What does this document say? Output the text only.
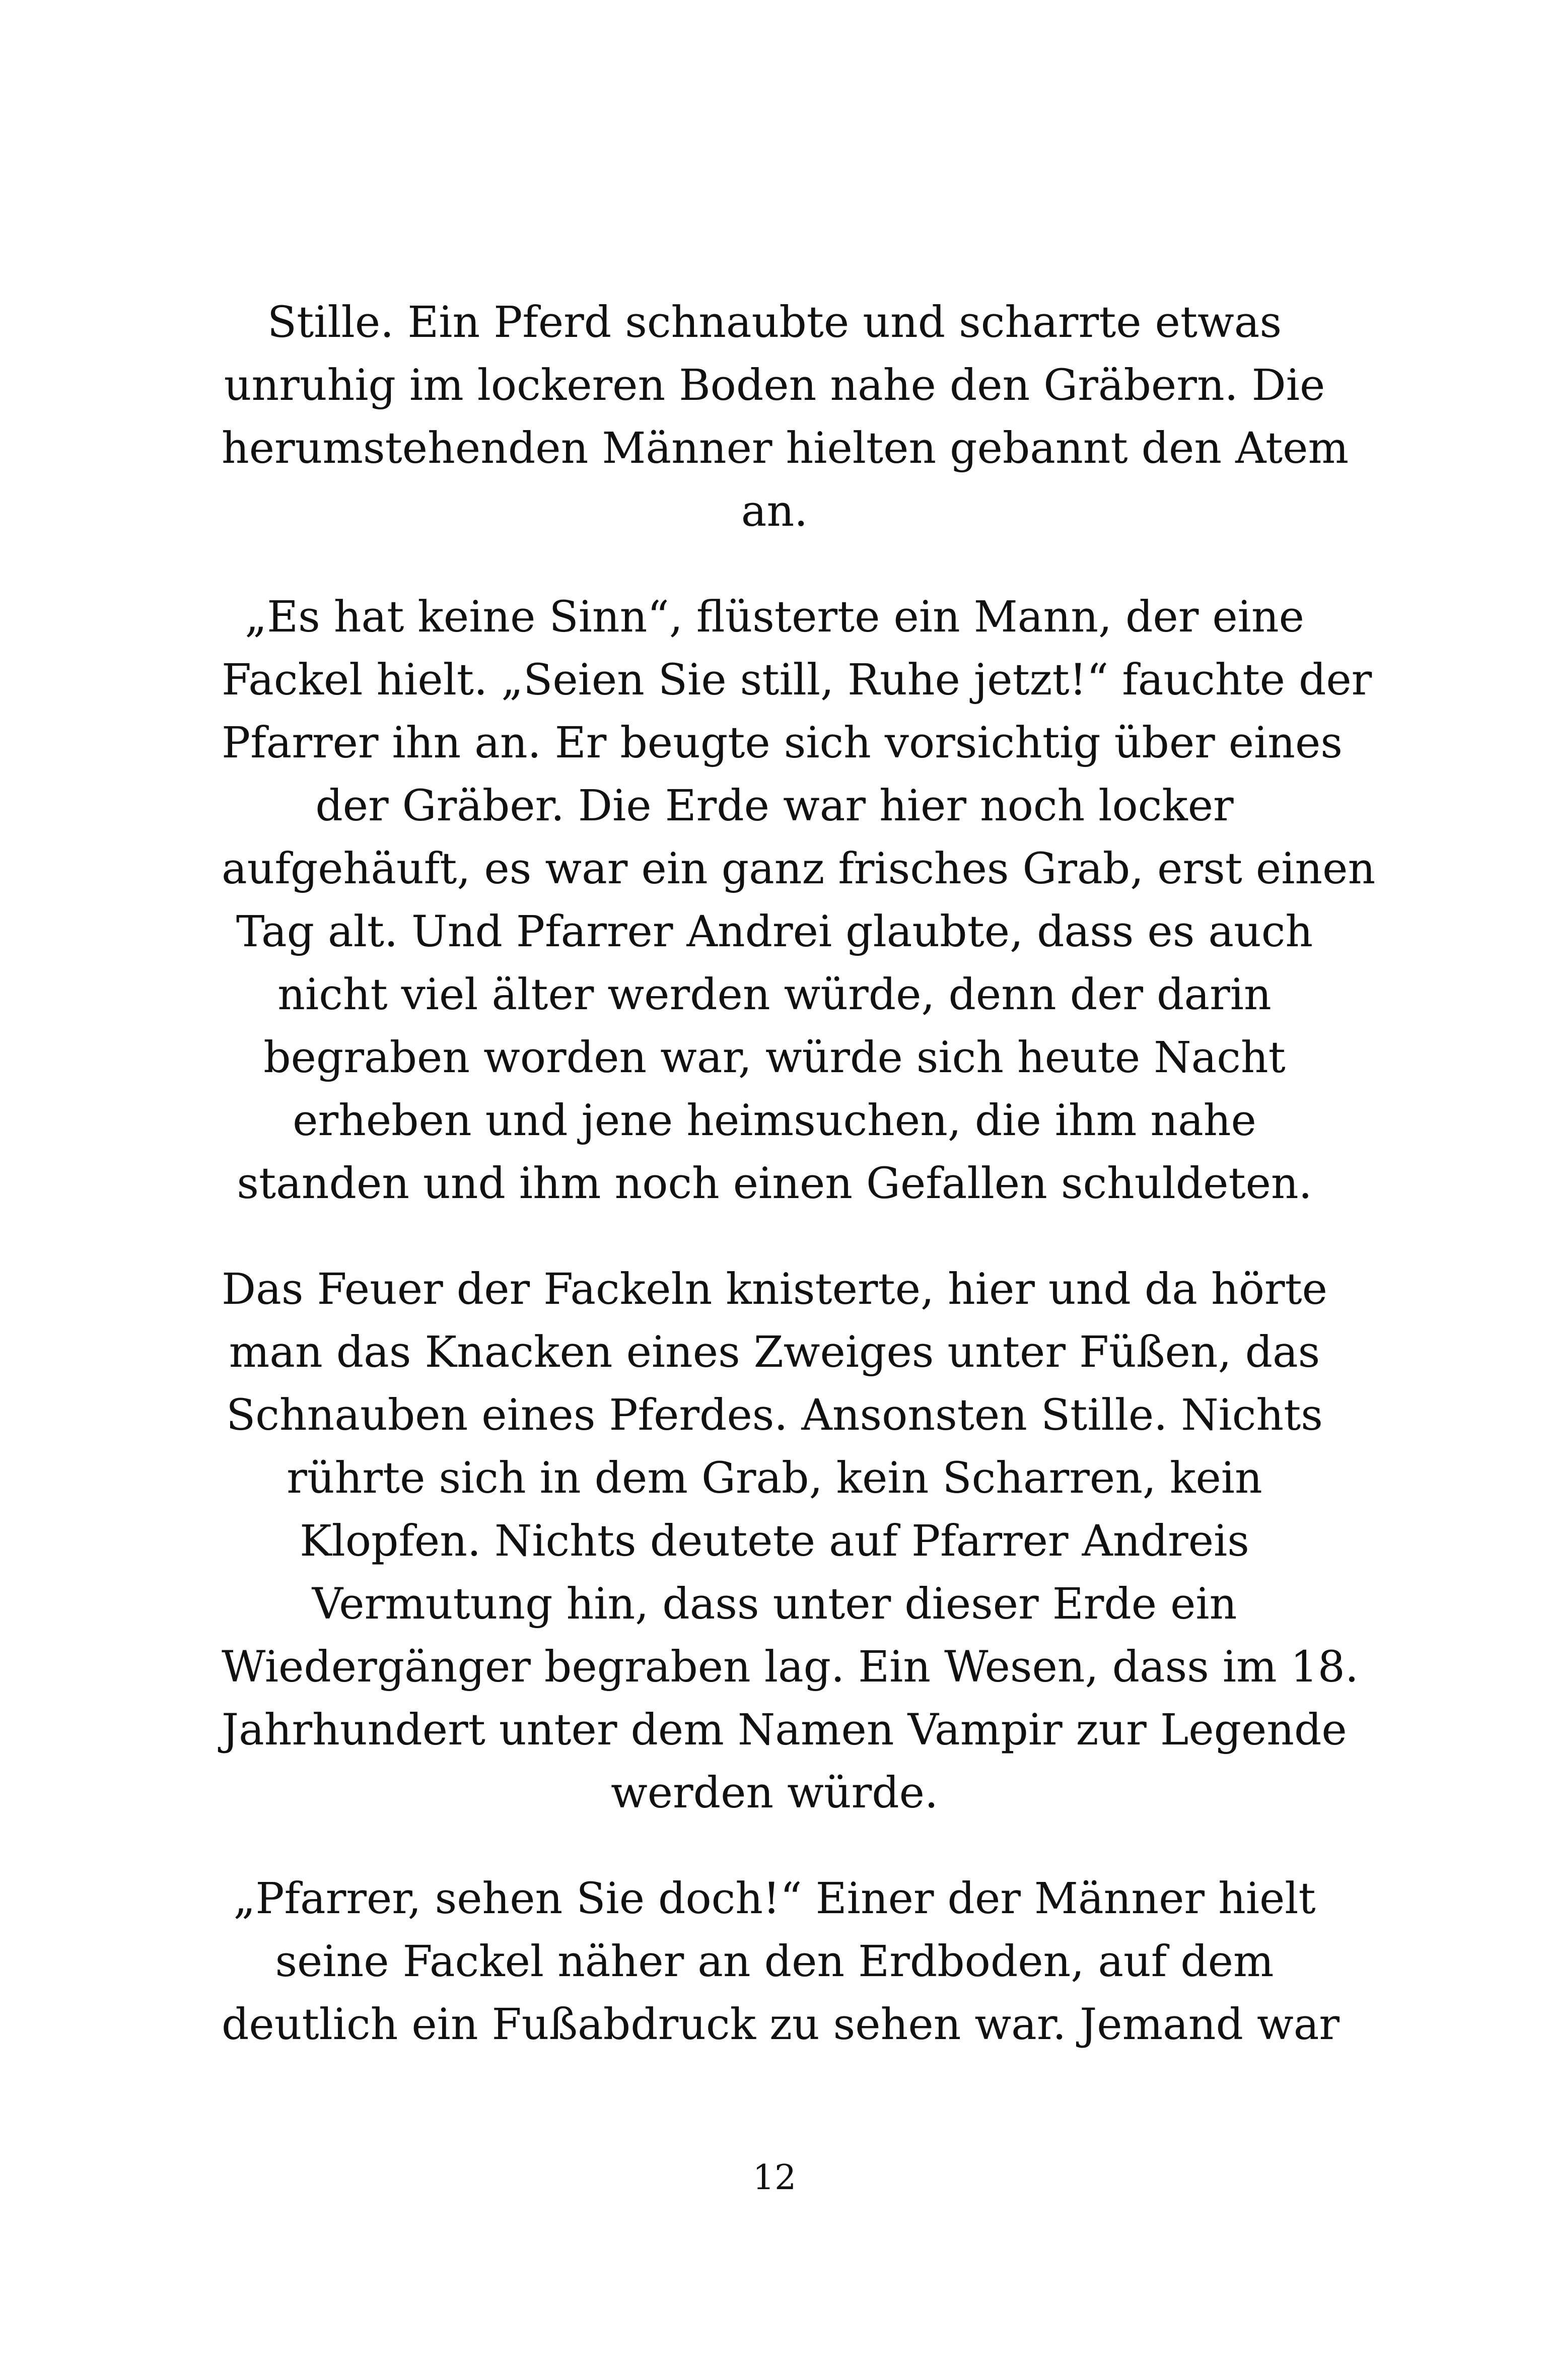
Stille. Ein Pferd schnaubte und scharrte etwas
unruhig im lockeren Boden nahe den Gräbern. Die
herumstehenden Männer hielten gebannt den Atem
an.

„Es hat keine Sinn“, flüsterte ein Mann, der eine
Fackel hielt. „Seien Sie still, Ruhe jetzt!“ fauchte der
Pfarrer ihn an. Er beugte sich vorsichtig über eines
der Gräber. Die Erde war hier noch locker
aufgehäuft, es war ein ganz frisches Grab, erst einen
Tag alt. Und Pfarrer Andrei glaubte, dass es auch
nicht viel älter werden würde, denn der darin
begraben worden war, würde sich heute Nacht
erheben und jene heimsuchen, die ihm nahe
standen und ihm noch einen Gefallen schuldeten.

Das Feuer der Fackeln knisterte, hier und da hörte
man das Knacken eines Zweiges unter Füßen, das
Schnauben eines Pferdes. Ansonsten Stille. Nichts
rührte sich in dem Grab, kein Scharren, kein
Klopfen. Nichts deutete auf Pfarrer Andreis
Vermutung hin, dass unter dieser Erde ein
Wiedergänger begraben lag. Ein Wesen, dass im 18.
Jahrhundert unter dem Namen Vampir zur Legende
werden würde.

„Pfarrer, sehen Sie doch!“ Einer der Männer hielt
seine Fackel näher an den Erdboden, auf dem
deutlich ein Fußabdruck zu sehen war. Jemand war

12
